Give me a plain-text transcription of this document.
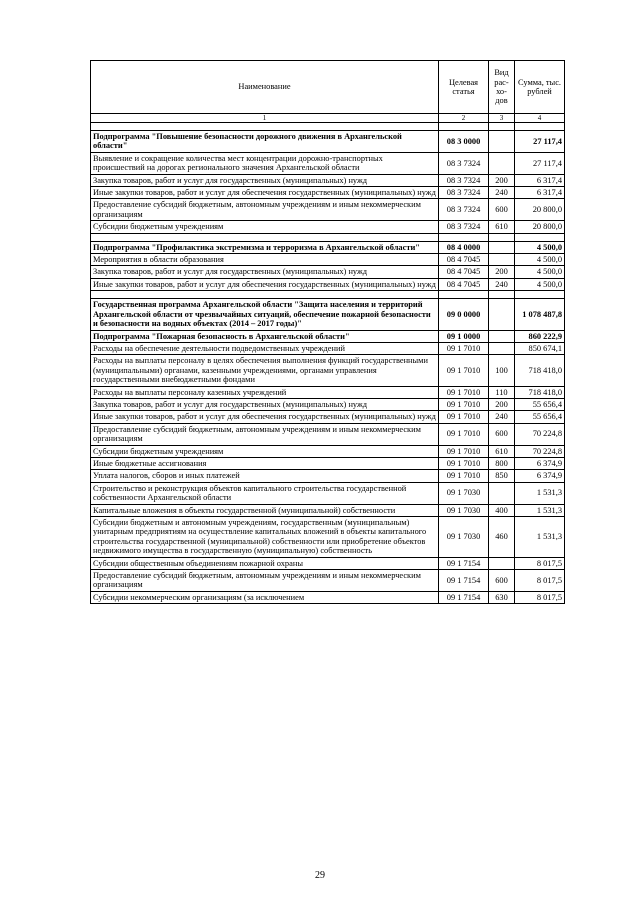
Наименование	Целевая статья	Вид рас- хо- дов	Сумма, тыс. рублей
1	2	3	4

Подпрограмма "Повышение безопасности дорожного движения в Архангельской области"	08 3 0000		27 117,4
Выявление и сокращение количества мест концентрации дорожно-транспортных происшествий на дорогах регионального значения Архангельской области	08 3 7324		27 117,4
Закупка товаров, работ и услуг для государственных (муниципальных) нужд	08 3 7324	200	6 317,4
Иные закупки товаров, работ и услуг для обеспечения государственных (муниципальных) нужд	08 3 7324	240	6 317,4
Предоставление субсидий бюджетным, автономным учреждениям и иным некоммерческим организациям	08 3 7324	600	20 800,0
Субсидии бюджетным учреждениям	08 3 7324	610	20 800,0

Подпрограмма "Профилактика экстремизма и терроризма в Архангельской области"	08 4 0000		4 500,0
Мероприятия в области образования	08 4 7045		4 500,0
Закупка товаров, работ и услуг для государственных (муниципальных) нужд	08 4 7045	200	4 500,0
Иные закупки товаров, работ и услуг для обеспечения государственных (муниципальных) нужд	08 4 7045	240	4 500,0

Государственная программа Архангельской области "Защита населения и территорий Архангельской области от чрезвычайных ситуаций, обеспечение пожарной безопасности и безопасности на водных объектах (2014 – 2017 годы)"	09 0 0000		1 078 487,8
Подпрограмма "Пожарная безопасность в Архангельской области"	09 1 0000		860 222,9
Расходы на обеспечение деятельности подведомственных учреждений	09 1 7010		850 674,1
Расходы на выплаты персоналу в целях обеспечения выполнения функций государственными (муниципальными) органами, казенными учреждениями, органами управления государственными внебюджетными фондами	09 1 7010	100	718 418,0
Расходы на выплаты персоналу казенных учреждений	09 1 7010	110	718 418,0
Закупка товаров, работ и услуг для государственных (муниципальных) нужд	09 1 7010	200	55 656,4
Иные закупки товаров, работ и услуг для обеспечения государственных (муниципальных) нужд	09 1 7010	240	55 656,4
Предоставление субсидий бюджетным, автономным учреждениям и иным некоммерческим организациям	09 1 7010	600	70 224,8
Субсидии бюджетным учреждениям	09 1 7010	610	70 224,8
Иные бюджетные ассигнования	09 1 7010	800	6 374,9
Уплата налогов, сборов и иных платежей	09 1 7010	850	6 374,9
Строительство и реконструкция объектов капитального строительства государственной собственности Архангельской области	09 1 7030		1 531,3
Капитальные вложения в объекты государственной (муниципальной) собственности	09 1 7030	400	1 531,3
Субсидии бюджетным и автономным учреждениям, государственным (муниципальным) унитарным предприятиям на осуществление капитальных вложений в объекты капитального строительства государственной (муниципальной) собственности или приобретение объектов недвижимого имущества в государственную (муниципальную) собственность	09 1 7030	460	1 531,3
Субсидии общественным объединениям пожарной охраны	09 1 7154		8 017,5
Предоставление субсидий бюджетным, автономным учреждениям и иным некоммерческим организациям	09 1 7154	600	8 017,5
Субсидии некоммерческим организациям (за исключением	09 1 7154	630	8 017,5
29
